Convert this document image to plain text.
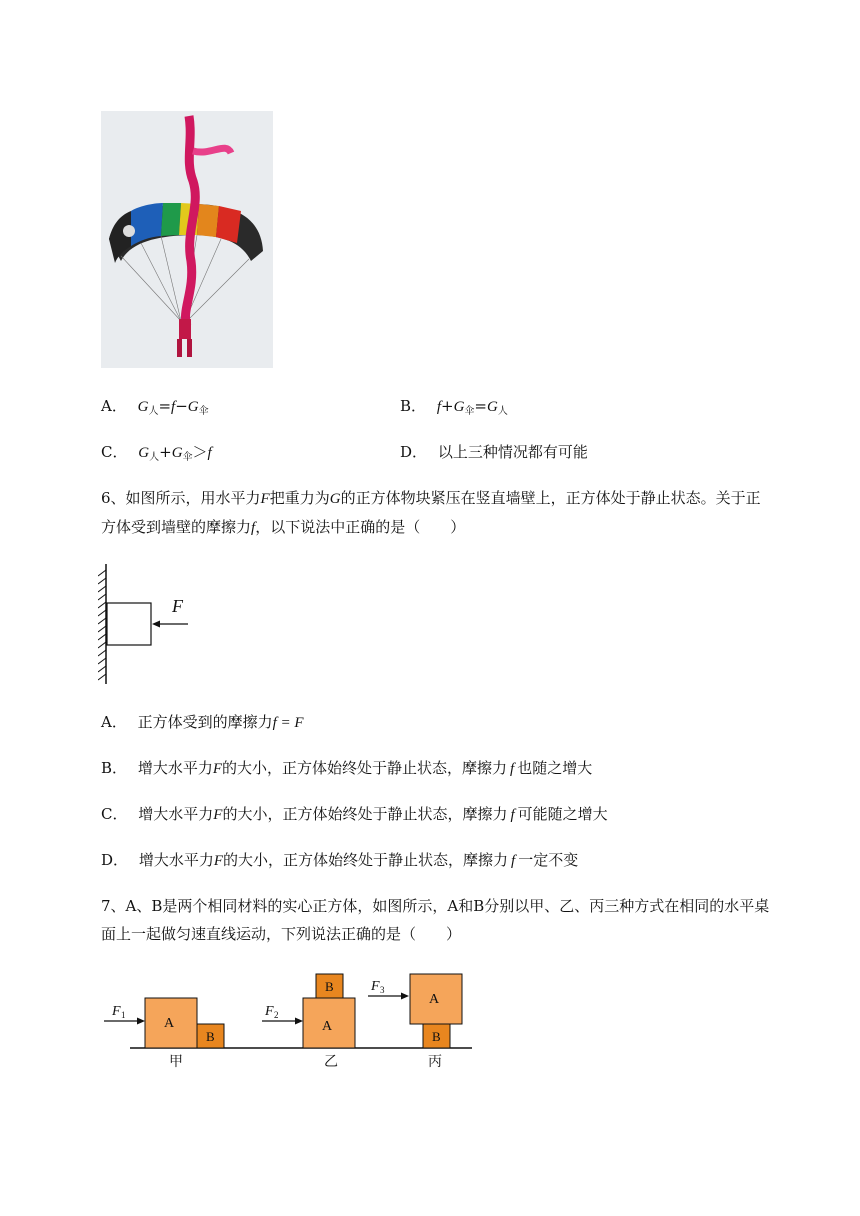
A． $G_人=f-G_伞$	B． $f+G_伞=G_人$
C． $G_人+G_伞>f$	D． 以上三种情况都有可能
6、如图所示，用水平力F把重力为G的正方体物块紧压在竖直墙壁上，正方体处于静止状态。关于正
方体受到墙壁的摩擦力f，以下说法中正确的是（　　）
F
A． 正方体受到的摩擦力f = F
B． 增大水平力F的大小，正方体始终处于静止状态，摩擦力 f 也随之增大
C． 增大水平力F的大小，正方体始终处于静止状态，摩擦力 f 可能随之增大
D． 增大水平力F的大小，正方体始终处于静止状态，摩擦力 f 一定不变
7、A、B是两个相同材料的实心正方体，如图所示，A和B分别以甲、乙、丙三种方式在相同的水平桌
面上一起做匀速直线运动，下列说法正确的是（　　）
A
B
F 1
甲
A
B
F 2
乙
A
B
F 3
丙
